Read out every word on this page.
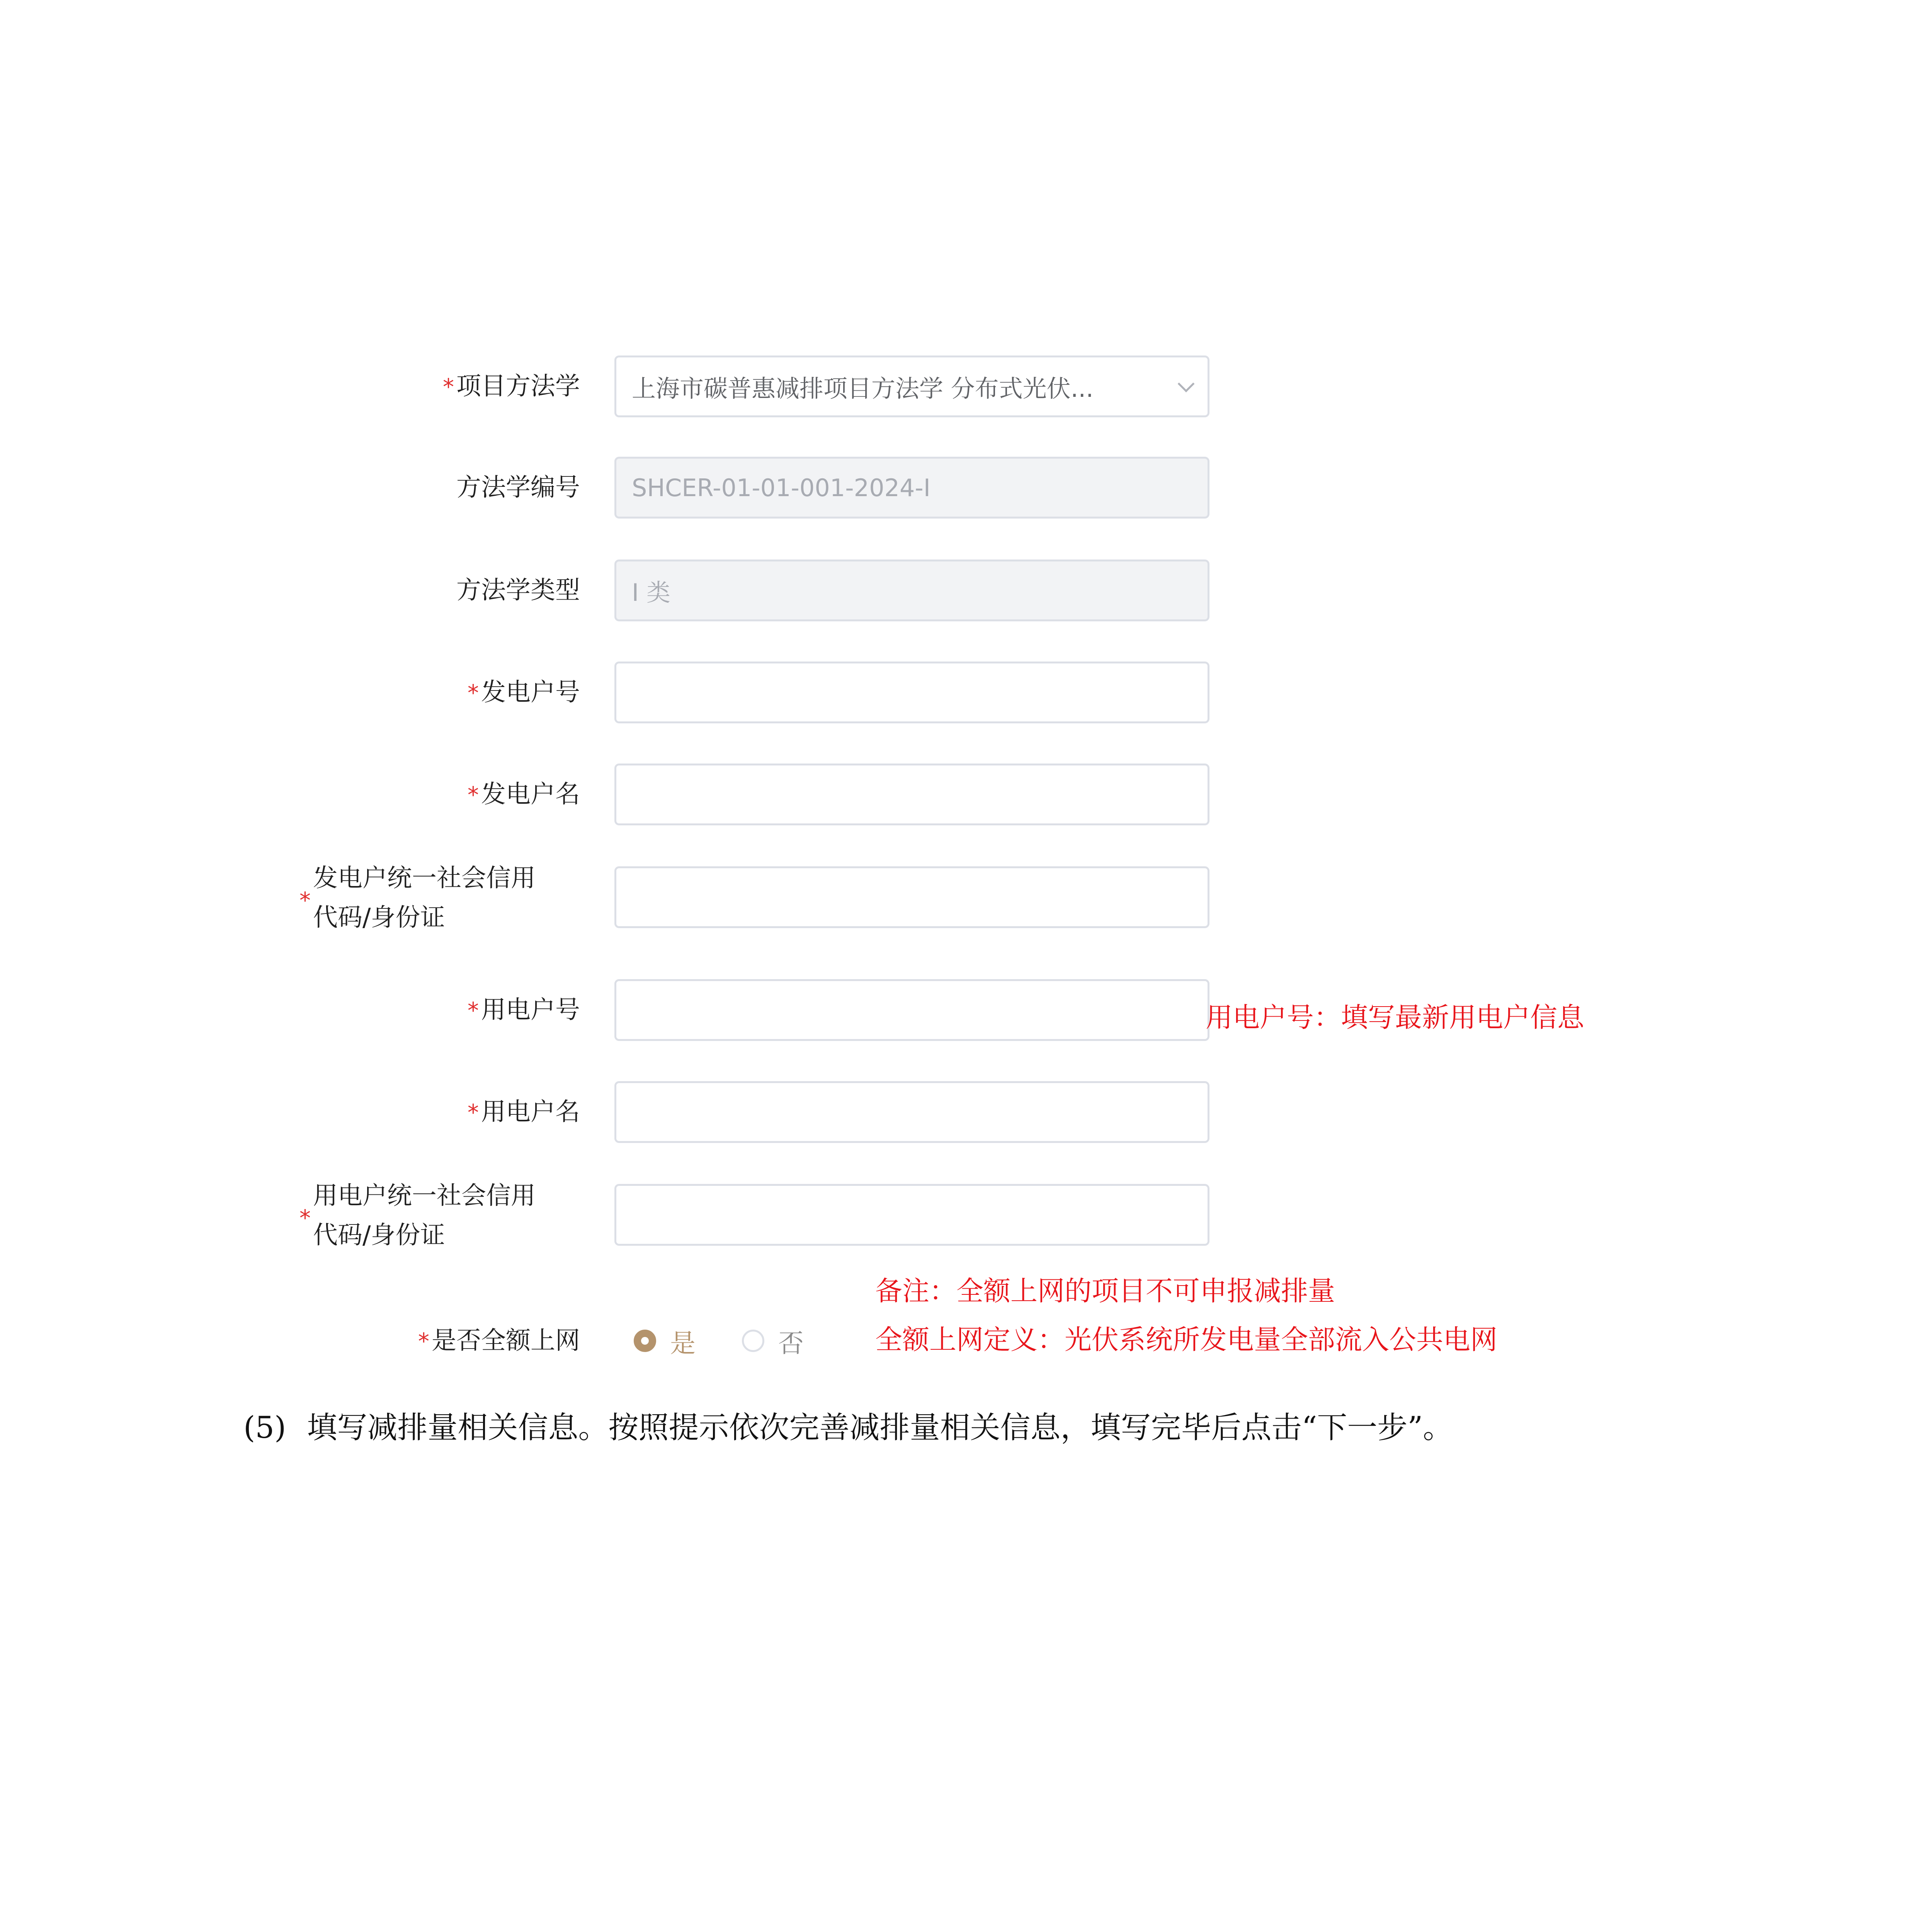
*项目方法学 上海市碳普惠减排项目方法学 分布式光伏...
方法学编号 SHCER-01-01-001-2024-I
方法学类型 I 类
*发电户号
*发电户名
*
发电户统一社会信用
代码/身份证
*用电户号	用电户号：填写最新用电户信息
*用电户名
*
用电户统一社会信用
代码/身份证
*是否全额上网	是	否
备注：全额上网的项目不可申报减排量
全额上网定义：光伏系统所发电量全部流入公共电网
(5) 填写减排量相关信息。按照提示依次完善减排量相关信息，填写完毕后点击“下一步”。
